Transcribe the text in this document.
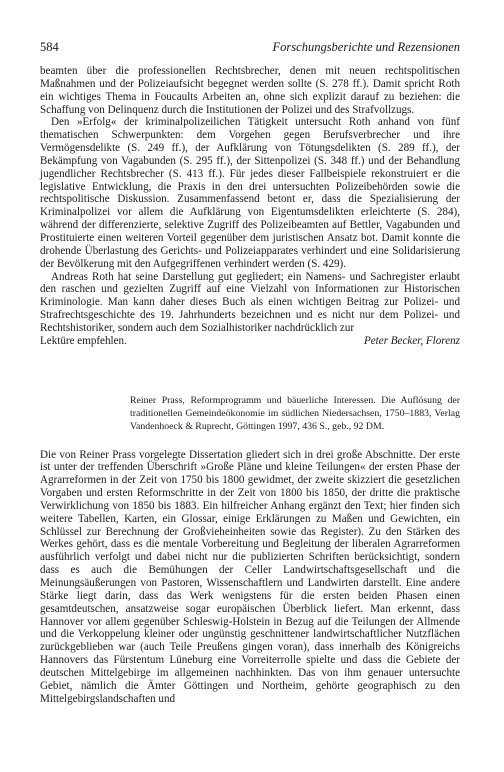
584	Forschungsberichte und Rezensionen

beamten über die professionellen Rechtsbrecher, denen mit neuen rechtspolitischen Maßnahmen und der Polizeiaufsicht begegnet werden sollte (S. 278 ff.). Damit spricht Roth ein wichtiges Thema in Foucaults Arbeiten an, ohne sich explizit darauf zu beziehen: die Schaffung von Delinquenz durch die Institutionen der Polizei und des Strafvollzugs.

Den »Erfolg« der kriminalpolizeilichen Tätigkeit untersucht Roth anhand von fünf thematischen Schwerpunkten: dem Vorgehen gegen Berufsverbrecher und ihre Vermögensdelikte (S. 249 ff.), der Aufklärung von Tötungsdelikten (S. 289 ff.), der Bekämpfung von Vagabunden (S. 295 ff.), der Sittenpolizei (S. 348 ff.) und der Behandlung jugendlicher Rechtsbrecher (S. 413 ff.). Für jedes dieser Fallbeispiele rekonstruiert er die legislative Entwicklung, die Praxis in den drei untersuchten Polizeibehörden sowie die rechtspolitische Diskussion. Zusammenfassend betont er, dass die Spezialisierung der Kriminalpolizei vor allem die Aufklärung von Eigentumsdelikten erleichterte (S. 284), während der differenzierte, selektive Zugriff des Polizeibeamten auf Bettler, Vagabunden und Prostituierte einen weiteren Vorteil gegenüber dem juristischen Ansatz bot. Damit konnte die drohende Überlastung des Gerichts- und Polizeiapparates verhindert und eine Solidarisierung der Bevölkerung mit den Aufgegriffenen verhindert werden (S. 429).

Andreas Roth hat seine Darstellung gut gegliedert; ein Namens- und Sachregister erlaubt den raschen und gezielten Zugriff auf eine Vielzahl von Informationen zur Historischen Kriminologie. Man kann daher dieses Buch als einen wichtigen Beitrag zur Polizei- und Strafrechtsgeschichte des 19. Jahrhunderts bezeichnen und es nicht nur dem Polizei- und Rechtshistoriker, sondern auch dem Sozialhistoriker nachdrücklich zur

Lektüre empfehlen.	Peter Becker, Florenz
Reiner Prass, Reformprogramm und bäuerliche Interessen. Die Auflösung der traditionellen Gemeindeökonomie im südlichen Niedersachsen, 1750–1883, Verlag Vandenhoeck & Ruprecht, Göttingen 1997, 436 S., geb., 92 DM.

Die von Reiner Prass vorgelegte Dissertation gliedert sich in drei große Abschnitte. Der erste ist unter der treffenden Überschrift »Große Pläne und kleine Teilungen« der ersten Phase der Agrarreformen in der Zeit von 1750 bis 1800 gewidmet, der zweite skizziert die gesetzlichen Vorgaben und ersten Reformschritte in der Zeit von 1800 bis 1850, der dritte die praktische Verwirklichung von 1850 bis 1883. Ein hilfreicher Anhang ergänzt den Text; hier finden sich weitere Tabellen, Karten, ein Glossar, einige Erklärungen zu Maßen und Gewichten, ein Schlüssel zur Berechnung der Großvieheinheiten sowie das Register). Zu den Stärken des Werkes gehört, dass es die mentale Vorbereitung und Begleitung der liberalen Agrarreformen ausführlich verfolgt und dabei nicht nur die publizierten Schriften berücksichtigt, sondern dass es auch die Bemühungen der Celler Landwirtschaftsgesellschaft und die Meinungsäußerungen von Pastoren, Wissenschaftlern und Landwirten darstellt. Eine andere Stärke liegt darin, dass das Werk wenigstens für die ersten beiden Phasen einen gesamtdeutschen, ansatzweise sogar europäischen Überblick liefert. Man erkennt, dass Hannover vor allem gegenüber Schleswig-Holstein in Bezug auf die Teilungen der Allmende und die Verkoppelung kleiner oder ungünstig geschnittener landwirtschaftlicher Nutzflächen zurückgeblieben war (auch Teile Preußens gingen voran), dass innerhalb des Königreichs Hannovers das Fürstentum Lüneburg eine Vorreiterrolle spielte und dass die Gebiete der deutschen Mittelgebirge im allgemeinen nachhinkten. Das von ihm genauer untersuchte Gebiet, nämlich die Ämter Göttingen und Northeim, gehörte geographisch zu den Mittelgebirgslandschaften und
